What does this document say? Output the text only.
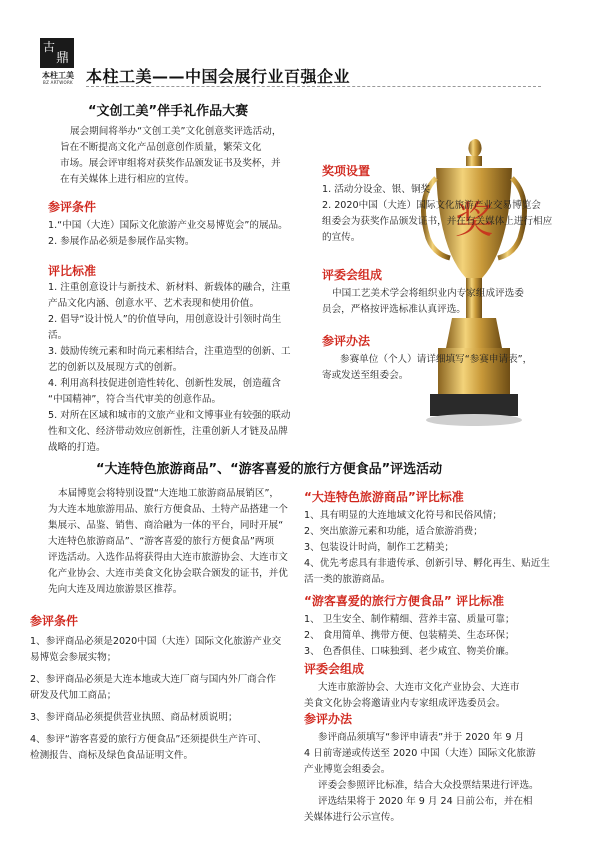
古
鼎
本柱工美
BZ ARTWORK 本柱工美——中国会展行业百强企业
“文创工美”伴手礼作品大赛

展会期间将举办“文创工美”文化创意奖评选活动，

旨在不断提高文化产品创意创作质量，繁荣文化

市场。展会评审组将对获奖作品颁发证书及奖杯，并

在有关媒体上进行相应的宣传。

参评条件
1.“中国（大连）国际文化旅游产业交易博览会”的展品。
2. 参展作品必须是参展作品实物。
评比标准
1. 注重创意设计与新技术、新材料、新载体的融合，注重
产品文化内涵、创意水平、艺术表现和使用价值。
2. 倡导“设计悦人”的价值导向，用创意设计引领时尚生
活。
3. 鼓励传统元素和时尚元素相结合，注重造型的创新、工
艺的创新以及展现方式的创新。
4. 利用高科技促进创造性转化、创新性发展，创造蕴含
“中国精神”，符合当代审美的创意作品。
5. 对所在区域和城市的文旅产业和文博事业有较强的联动
性和文化、经济带动效应创新性，注重创新人才链及品牌
战略的打造。
奖
奖项设置
1. 活动分设金、银、铜奖
2. 2020中国（大连）国际文化旅游产业交易博览会
组委会为获奖作品颁发证书，并在有关媒体上进行相应
的宣传。
评委会组成
中国工艺美术学会将组织业内专家组成评选委
员会，严格按评选标准认真评选。
参评办法
参赛单位（个人）请详细填写“参赛申请表”，
寄或发送至组委会。
“大连特色旅游商品”、“游客喜爱的旅行方便食品”评选活动

本届博览会将特别设置“大连地工旅游商品展销区”，

为大连本地旅游用品、旅行方便食品、土特产品搭建一个

集展示、品鉴、销售、商洽融为一体的平台，同时开展“

大连特色旅游商品”、“游客喜爱的旅行方便食品”两项

评选活动。入选作品将获得由大连市旅游协会、大连市文

化产业协会、大连市美食文化协会联合颁发的证书，并优

先向大连及周边旅游景区推荐。

参评条件
1、参评商品必须是2020中国（大连）国际文化旅游产业交
易博览会参展实物；
2、参评商品必须是大连本地或大连厂商与国内外厂商合作
研发及代加工商品；
3、参评商品必须提供营业执照、商品材质说明；
4、参评“游客喜爱的旅行方便食品”还须提供生产许可、
检测报告、商标及绿色食品证明文件。
“大连特色旅游商品”评比标准
1、具有明显的大连地域文化符号和民俗风情；
2、突出旅游元素和功能，适合旅游消费；
3、包装设计时尚，制作工艺精美；
4、优先考虑具有非遗传承、创新引导、孵化再生、贴近生
活一类的旅游商品。
“游客喜爱的旅行方便食品” 评比标准
1、 卫生安全、制作精细、营养丰富、质量可靠；
2、 食用简单、携带方便、包装精美、生态环保；
3、 色香俱佳、口味独到、老少咸宜、物美价廉。
评委会组成
大连市旅游协会、大连市文化产业协会、大连市
美食文化协会将邀请业内专家组成评选委员会。
参评办法
参评商品须填写“参评申请表”并于 2020 年 9 月
4 日前寄递或传送至 2020 中国（大连）国际文化旅游
产业博览会组委会。
评委会参照评比标准，结合大众投票结果进行评选。
评选结果将于 2020 年 9 月 24 日前公布，并在相
关媒体进行公示宣传。
